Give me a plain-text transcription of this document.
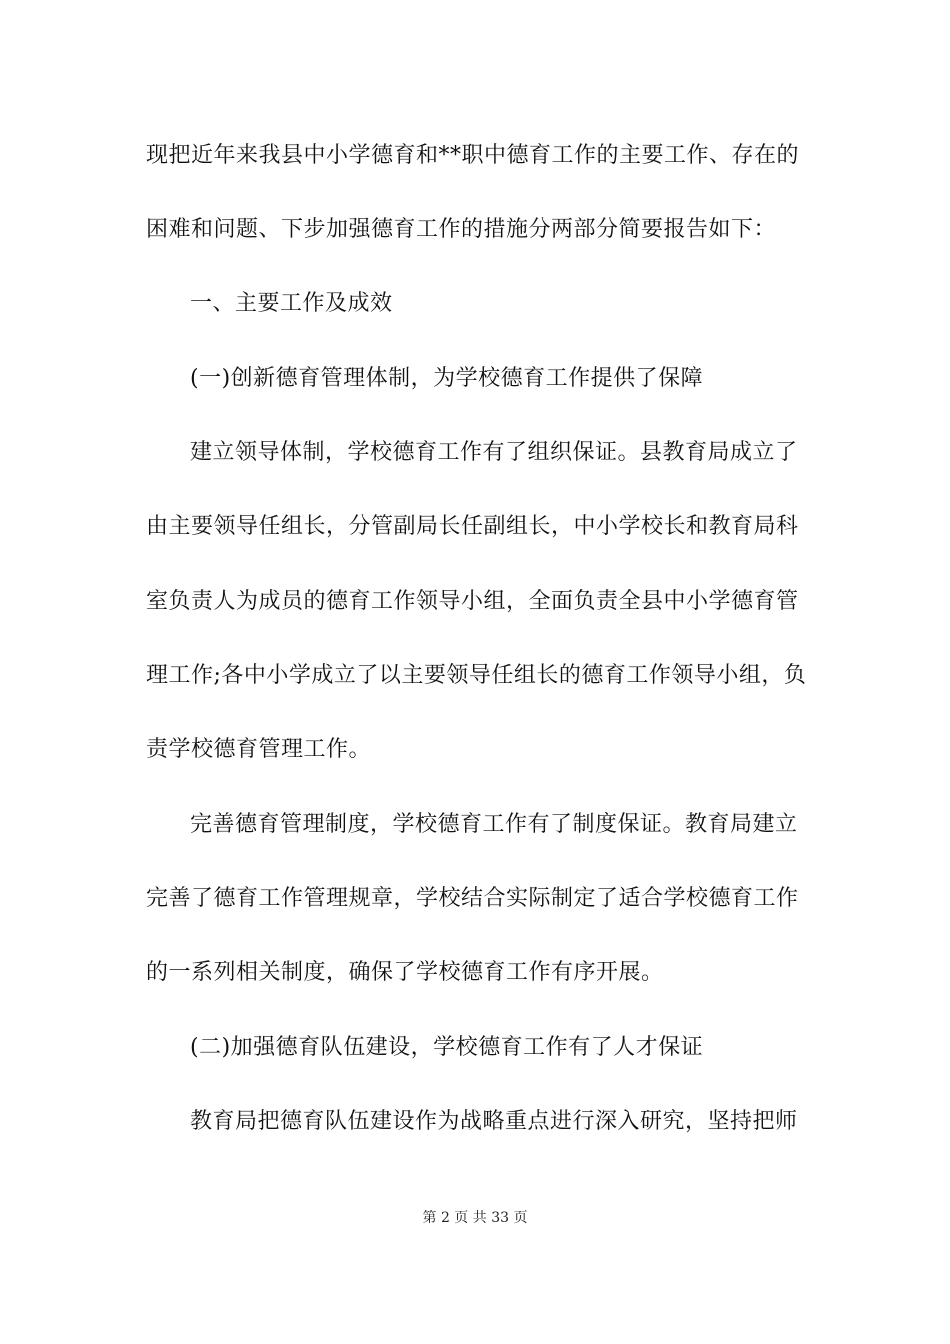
现把近年来我县中小学德育和**职中德育工作的主要工作、存在的
困难和问题、下步加强德育工作的措施分两部分简要报告如下：
一、主要工作及成效
(一)创新德育管理体制，为学校德育工作提供了保障
建立领导体制，学校德育工作有了组织保证。县教育局成立了
由主要领导任组长，分管副局长任副组长，中小学校长和教育局科
室负责人为成员的德育工作领导小组，全面负责全县中小学德育管
理工作;各中小学成立了以主要领导任组长的德育工作领导小组，负
责学校德育管理工作。
完善德育管理制度，学校德育工作有了制度保证。教育局建立
完善了德育工作管理规章，学校结合实际制定了适合学校德育工作
的一系列相关制度，确保了学校德育工作有序开展。
(二)加强德育队伍建设，学校德育工作有了人才保证
教育局把德育队伍建设作为战略重点进行深入研究，坚持把师
第 2 页 共 33 页
